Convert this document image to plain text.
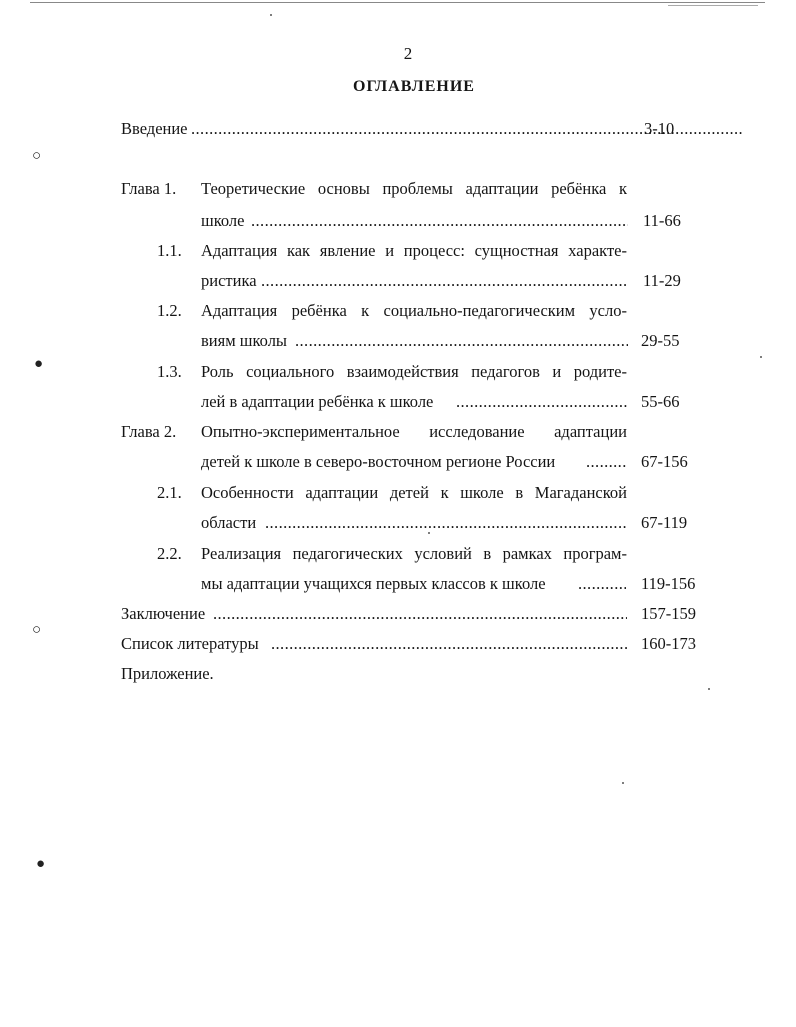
2
ОГЛАВЛЕНИЕ
Введение .....	3-10
Глава 1. Теоретические основы проблемы адаптации ребёнка к
школе .....	11-66
1.1. Адаптация как явление и процесс: сущностная характе-
ристика .....	11-29
1.2. Адаптация ребёнка к социально-педагогическим усло-
виям школы .....	29-55
1.3. Роль социального взаимодействия педагогов и родите-
лей в адаптации ребёнка к школе .....	55-66
Глава 2. Опытно-экспериментальное исследование адаптации
детей к школе в северо-восточном регионе России .....	67-156
2.1. Особенности адаптации детей к школе в Магаданской
области .....	67-119
2.2. Реализация педагогических условий в рамках програм-
мы адаптации учащихся первых классов к школе .....	119-156
Заключение .....	157-159
Список литературы .....	160-173
Приложение.
○
●
○
●
